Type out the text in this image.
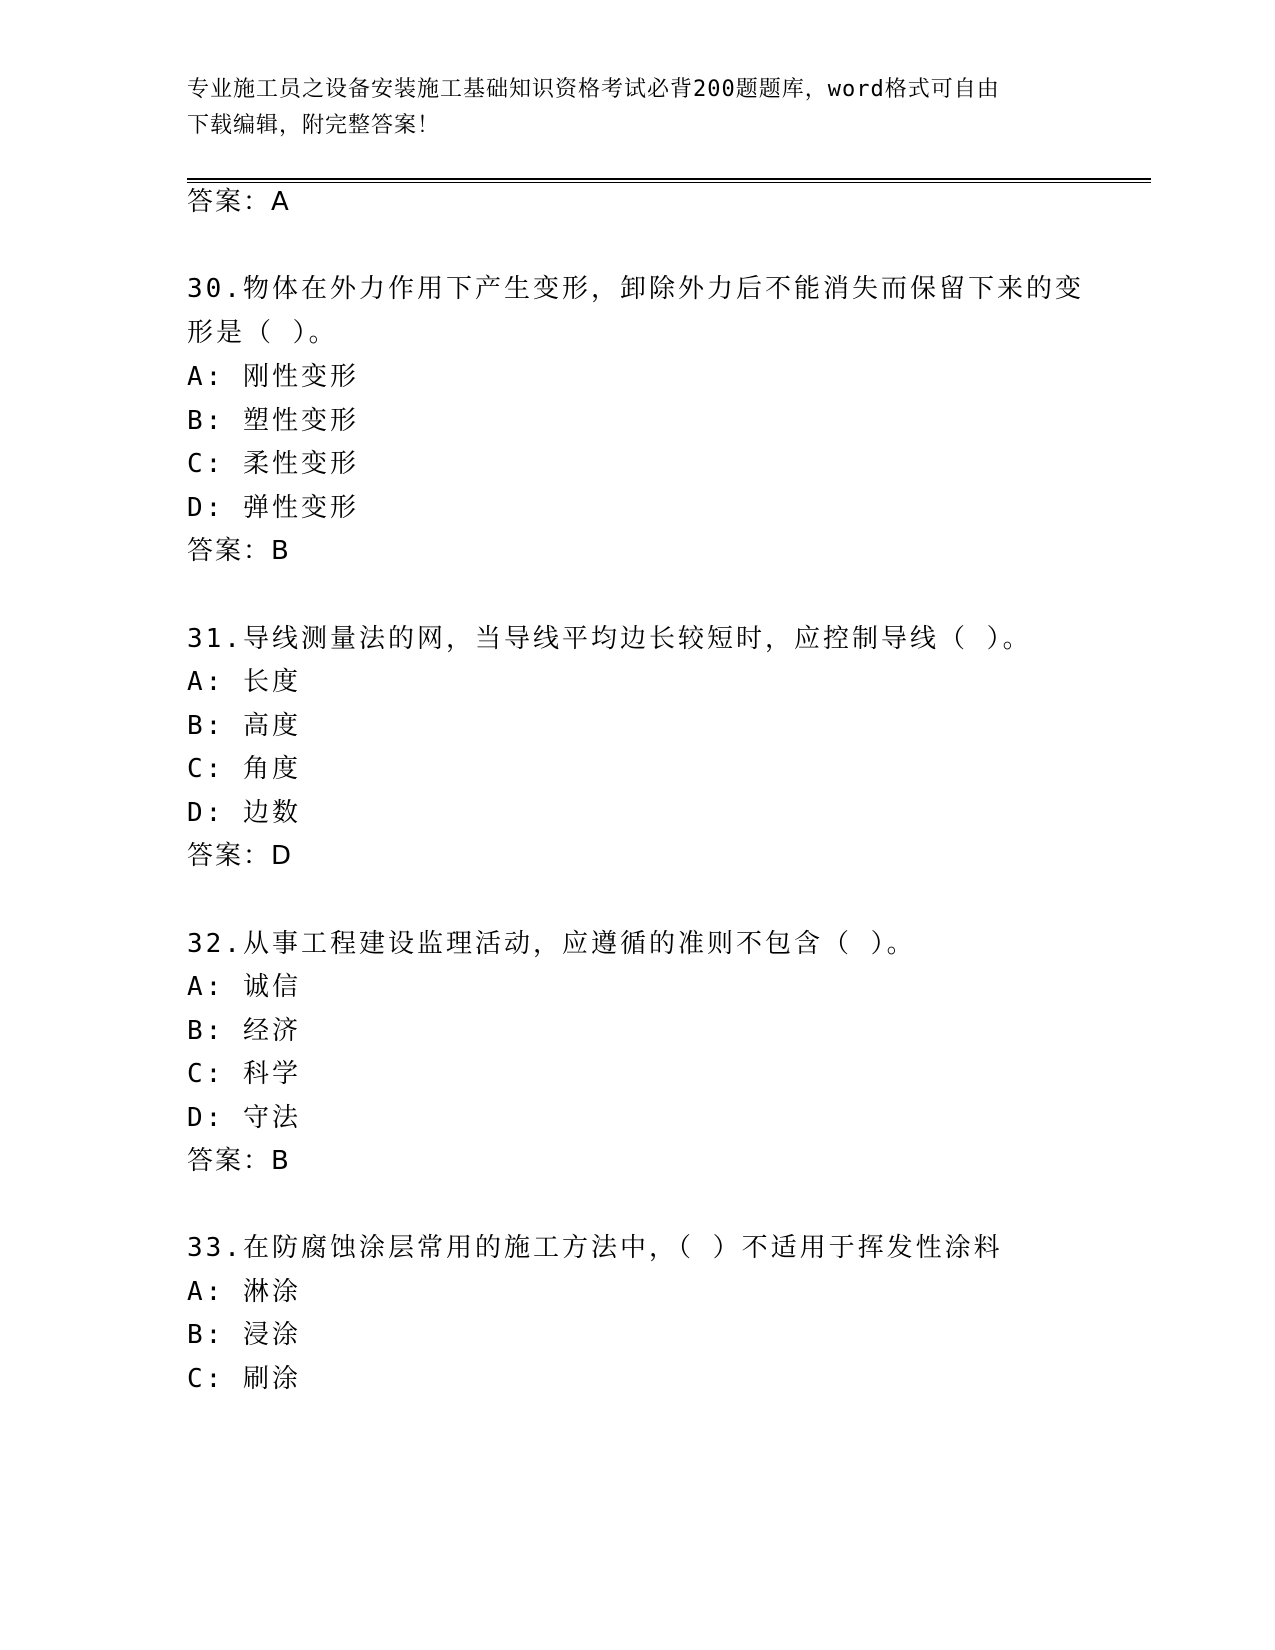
专业施工员之设备安装施工基础知识资格考试必背200题题库，word格式可自由
下载编辑，附完整答案！
答案：A
30.物体在外力作用下产生变形，卸除外力后不能消失而保留下来的变
形是（ ）。
A: 刚性变形
B: 塑性变形
C: 柔性变形
D: 弹性变形
答案：B
31.导线测量法的网，当导线平均边长较短时，应控制导线（ ）。
A: 长度
B: 高度
C: 角度
D: 边数
答案：D
32.从事工程建设监理活动，应遵循的准则不包含（ ）。
A: 诚信
B: 经济
C: 科学
D: 守法
答案：B
33.在防腐蚀涂层常用的施工方法中，（ ）不适用于挥发性涂料
A: 淋涂
B: 浸涂
C: 刷涂
